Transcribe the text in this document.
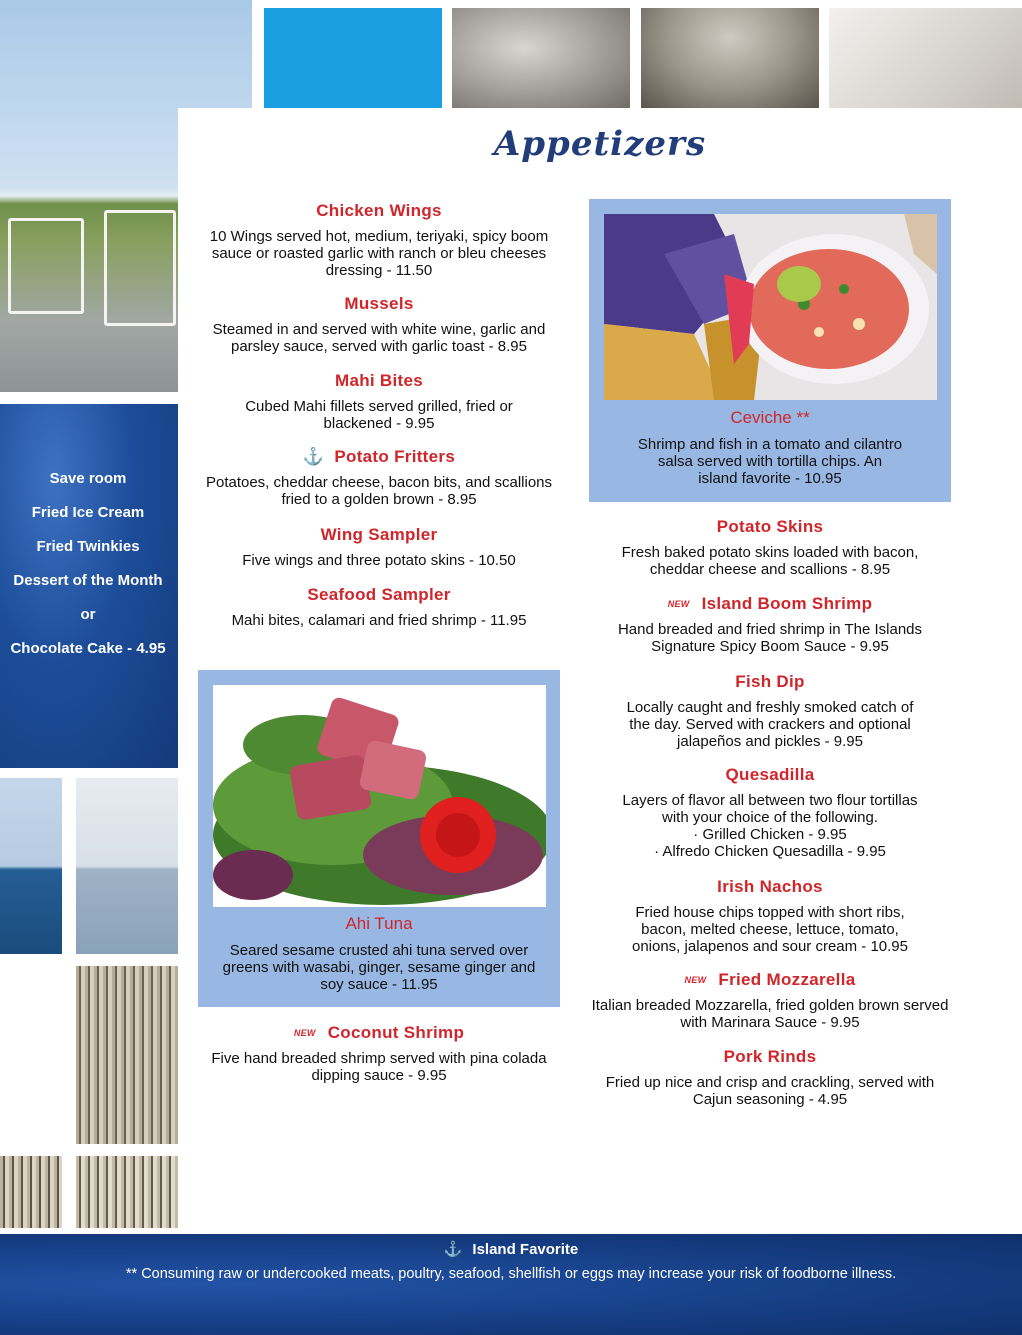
Appetizers
Save room
Fried Ice Cream
Fried Twinkies
Dessert of the Month
or
Chocolate Cake - 4.95
Chicken Wings
10 Wings served hot, medium, teriyaki, spicy boom sauce or roasted garlic with ranch or bleu cheeses dressing - 11.50
Mussels
Steamed in and served with white wine, garlic and parsley sauce, served with garlic toast - 8.95
Mahi Bites
Cubed Mahi fillets served grilled, fried or blackened - 9.95
⚓ Potato Fritters
Potatoes, cheddar cheese, bacon bits, and scallions fried to a golden brown - 8.95
Wing Sampler
Five wings and three potato skins - 10.50
Seafood Sampler
Mahi bites, calamari and fried shrimp - 11.95
Ahi Tuna
Seared sesame crusted ahi tuna served over greens with wasabi, ginger, sesame ginger and soy sauce - 11.95
NEW Coconut Shrimp
Five hand breaded shrimp served with pina colada dipping sauce - 9.95
Ceviche **
Shrimp and fish in a tomato and cilantro salsa served with tortilla chips. An island favorite - 10.95
Potato Skins
Fresh baked potato skins loaded with bacon, cheddar cheese and scallions - 8.95
NEW Island Boom Shrimp
Hand breaded and fried shrimp in The Islands Signature Spicy Boom Sauce - 9.95
Fish Dip
Locally caught and freshly smoked catch of the day. Served with crackers and optional jalapeños and pickles - 9.95
Quesadilla
Layers of flavor all between two flour tortillas
with your choice of the following.
· Grilled Chicken - 9.95
· Alfredo Chicken Quesadilla - 9.95
Irish Nachos
Fried house chips topped with short ribs, bacon, melted cheese, lettuce, tomato, onions, jalapenos and sour cream - 10.95
NEW Fried Mozzarella
Italian breaded Mozzarella, fried golden brown served with Marinara Sauce - 9.95
Pork Rinds
Fried up nice and crisp and crackling, served with Cajun seasoning - 4.95
⚓ Island Favorite
** Consuming raw or undercooked meats, poultry, seafood, shellfish or eggs may increase your risk of foodborne illness.
